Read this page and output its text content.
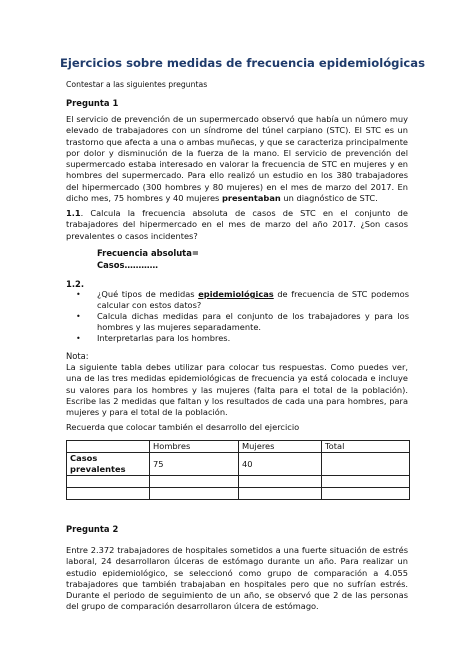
Ejercicios sobre medidas de frecuencia epidemiológicas
Contestar a las siguientes preguntas
Pregunta 1
El servicio de prevención de un supermercado observó que había un número muy elevado de trabajadores con un síndrome del túnel carpiano (STC). El STC es un trastorno que afecta a una o ambas muñecas, y que se caracteriza principalmente por dolor y disminución de la fuerza de la mano. El servicio de prevención del supermercado estaba interesado en valorar la frecuencia de STC en mujeres y en hombres del supermercado. Para ello realizó un estudio en los 380 trabajadores del hipermercado (300 hombres y 80 mujeres) en el mes de marzo del 2017. En dicho mes, 75 hombres y 40 mujeres presentaban un diagnóstico de STC.
1.1. Calcula la frecuencia absoluta de casos de STC en el conjunto de trabajadores del hipermercado en el mes de marzo del año 2017. ¿Son casos prevalentes o casos incidentes?
Frecuencia absoluta=
Casos…………
1.2.
• ¿Qué tipos de medidas epidemiológicas de frecuencia de STC podemos calcular con estos datos?
• Calcula dichas medidas para el conjunto de los trabajadores y para los hombres y las mujeres separadamente.
• Interpretarlas para los hombres.
Nota:
La siguiente tabla debes utilizar para colocar tus respuestas. Como puedes ver, una de las tres medidas epidemiológicas de frecuencia ya está colocada e incluye su valores para los hombres y las mujeres (falta para el total de la población). Escribe las 2 medidas que faltan y los resultados de cada una para hombres, para mujeres y para el total de la población.
Recuerda que colocar también el desarrollo del ejercicio
	Hombres	Mujeres	Total
Casos prevalentes	75	40	

Pregunta 2
Entre 2.372 trabajadores de hospitales sometidos a una fuerte situación de estrés laboral, 24 desarrollaron úlceras de estómago durante un año. Para realizar un estudio epidemiológico, se seleccionó como grupo de comparación a 4.055 trabajadores que también trabajaban en hospitales pero que no sufrían estrés. Durante el periodo de seguimiento de un año, se observó que 2 de las personas del grupo de comparación desarrollaron úlcera de estómago.
